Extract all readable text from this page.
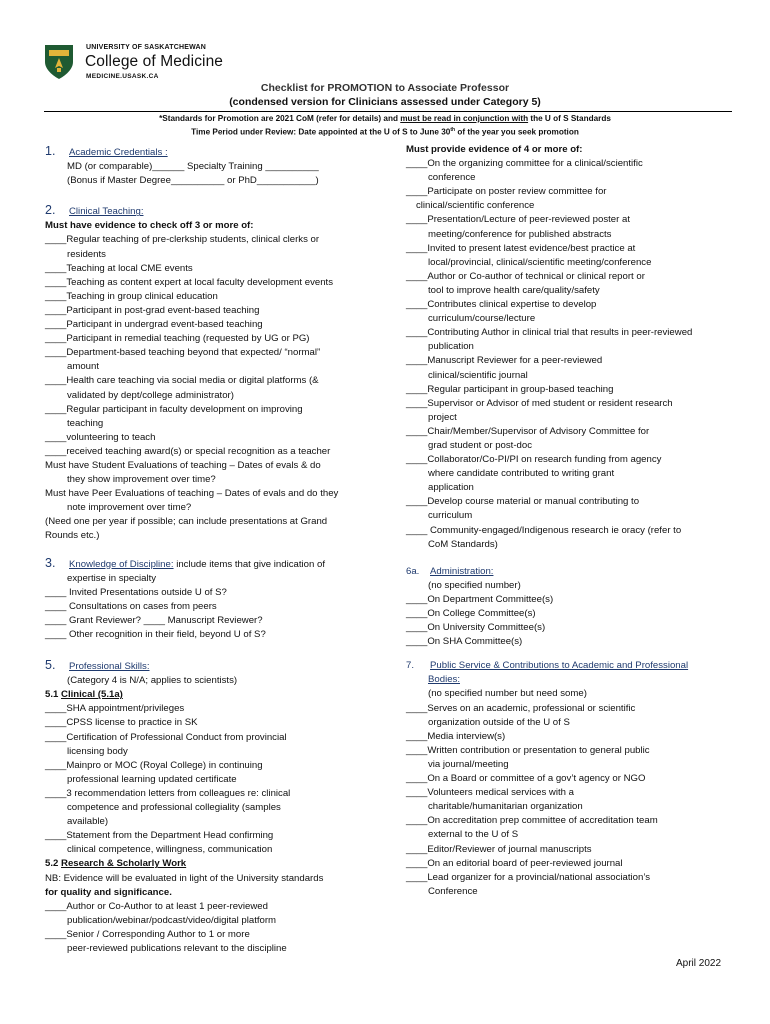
UNIVERSITY OF SASKATCHEWAN
College of Medicine
MEDICINE.USASK.CA
Checklist for PROMOTION to Associate Professor
(condensed version for Clinicians assessed under Category 5)
*Standards for Promotion are 2021 CoM (refer for details) and must be read in conjunction with the U of S Standards
Time Period under Review: Date appointed at the U of S to June 30th of the year you seek promotion

1. Academic Credentials :

MD (or comparable)______ Specialty Training __________

(Bonus if Master Degree__________ or PhD___________)

2. Clinical Teaching:

Must have evidence to check off 3 or more of:

____Regular teaching of pre-clerkship students, clinical clerks or

residents

____Teaching at local CME events

____Teaching as content expert at local faculty development events

____Teaching in group clinical education

____Participant in post-grad event-based teaching

____Participant in undergrad event-based teaching

____Participant in remedial teaching (requested by UG or PG)

____Department-based teaching beyond that expected/ “normal”

amount

____Health care teaching via social media or digital platforms (&

validated by dept/college administrator)

____Regular participant in faculty development on improving

teaching

____volunteering to teach

____received teaching award(s) or special recognition as a teacher

Must have Student Evaluations of teaching – Dates of evals & do

they show improvement over time?

Must have Peer Evaluations of teaching – Dates of evals and do they

note improvement over time?

(Need one per year if possible; can include presentations at Grand

Rounds etc.)

3. Knowledge of Discipline: include items that give indication of

expertise in specialty

____ Invited Presentations outside U of S?

____ Consultations on cases from peers

____ Grant Reviewer? ____ Manuscript Reviewer?

____ Other recognition in their field, beyond U of S?

5. Professional Skills:

(Category 4 is N/A; applies to scientists)

5.1 Clinical (5.1a)

____SHA appointment/privileges

____CPSS license to practice in SK

____Certification of Professional Conduct from provincial

licensing body

____Mainpro or MOC (Royal College) in continuing

professional learning updated certificate

____3 recommendation letters from colleagues re: clinical

competence and professional collegiality (samples

available)

____Statement from the Department Head confirming

clinical competence, willingness, communication

5.2 Research & Scholarly Work

NB: Evidence will be evaluated in light of the University standards

for quality and significance.

____Author or Co-Author to at least 1 peer-reviewed

publication/webinar/podcast/video/digital platform

____Senior / Corresponding Author to 1 or more

peer-reviewed publications relevant to the discipline

Must provide evidence of 4 or more of:

____On the organizing committee for a clinical/scientific

conference

____Participate on poster review committee for

clinical/scientific conference

____Presentation/Lecture of peer-reviewed poster at

meeting/conference for published abstracts

____Invited to present latest evidence/best practice at

local/provincial, clinical/scientific meeting/conference

____Author or Co-author of technical or clinical report or

tool to improve health care/quality/safety

____Contributes clinical expertise to develop

curriculum/course/lecture

____Contributing Author in clinical trial that results in peer-reviewed

publication

____Manuscript Reviewer for a peer-reviewed

clinical/scientific journal

____Regular participant in group-based teaching

____Supervisor or Advisor of med student or resident research

project

____Chair/Member/Supervisor of Advisory Committee for

grad student or post-doc

____Collaborator/Co-PI/PI on research funding from agency

where candidate contributed to writing grant

application

____Develop course material or manual contributing to

curriculum

____ Community-engaged/Indigenous research ie oracy (refer to

CoM Standards)

6a. Administration:

(no specified number)

____On Department Committee(s)

____On College Committee(s)

____On University Committee(s)

____On SHA Committee(s)

7. Public Service & Contributions to Academic and Professional

Bodies:

(no specified number but need some)

____Serves on an academic, professional or scientific

organization outside of the U of S

____Media interview(s)

____Written contribution or presentation to general public

via journal/meeting

____On a Board or committee of a gov’t agency or NGO

____Volunteers medical services with a

charitable/humanitarian organization

____On accreditation prep committee of accreditation team

external to the U of S

____Editor/Reviewer of journal manuscripts

____On an editorial board of peer-reviewed journal

____Lead organizer for a provincial/national association’s

Conference

April 2022
